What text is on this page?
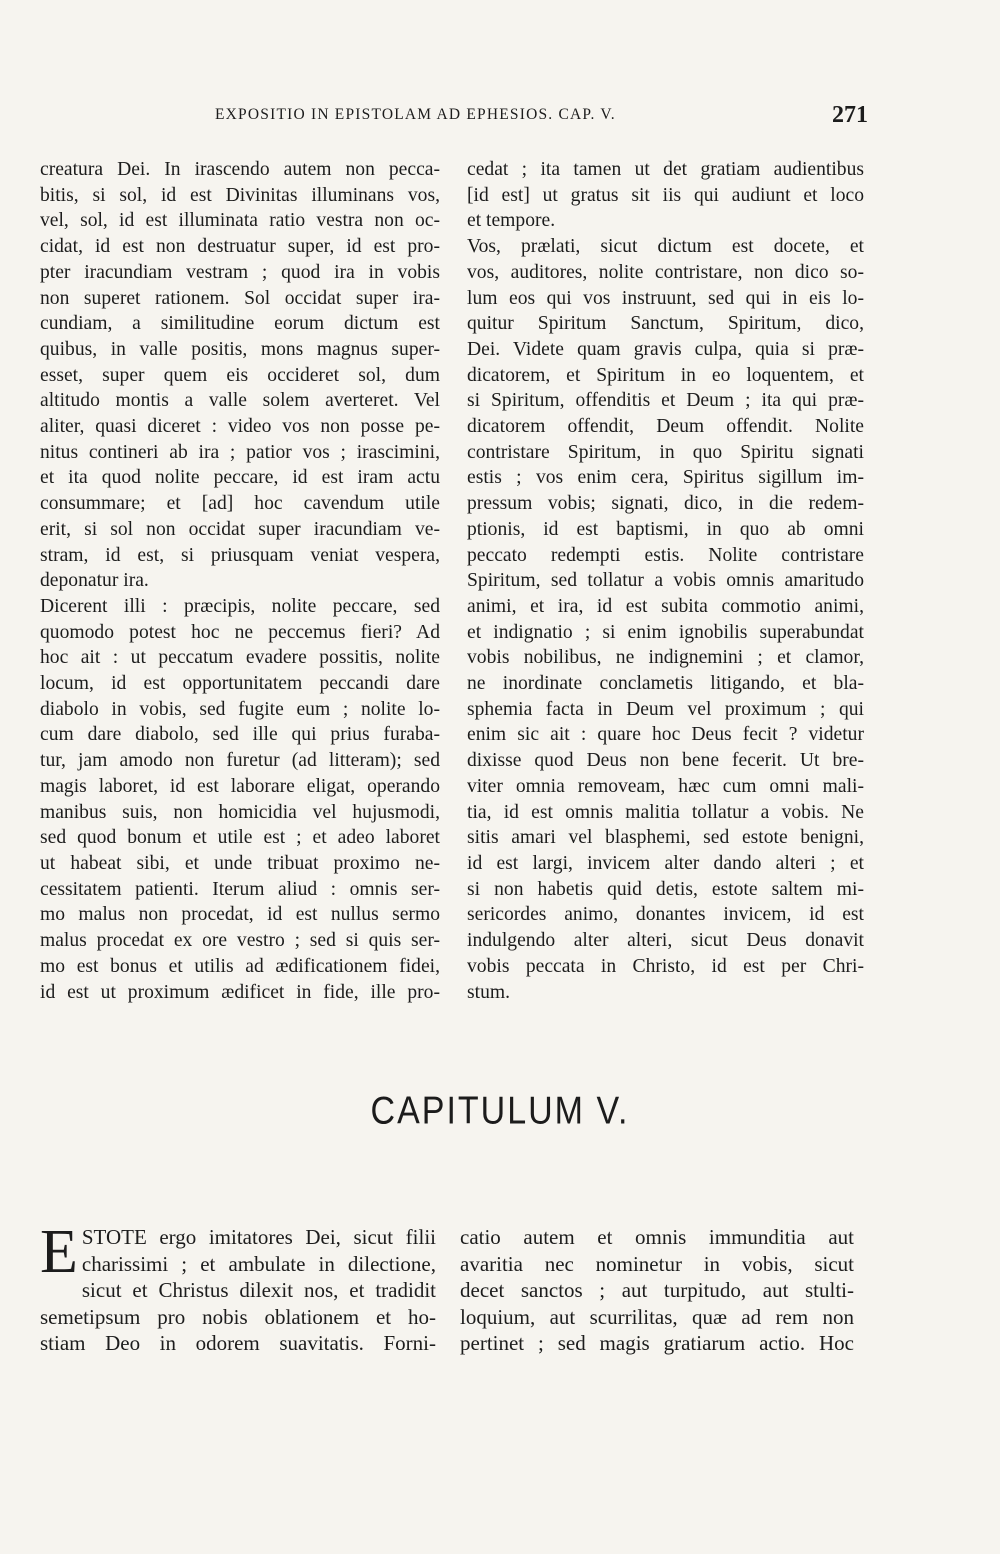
EXPOSITIO IN EPISTOLAM AD EPHESIOS. CAP. V.	271
creatura Dei. In irascendo autem non pecca-
bitis, si sol, id est Divinitas illuminans vos,
vel, sol, id est illuminata ratio vestra non oc-
cidat, id est non destruatur super, id est pro-
pter iracundiam vestram ; quod ira in vobis
non superet rationem. Sol occidat super ira-
cundiam, a similitudine eorum dictum est
quibus, in valle positis, mons magnus super-
esset, super quem eis occideret sol, dum
altitudo montis a valle solem averteret. Vel
aliter, quasi diceret : video vos non posse pe-
nitus contineri ab ira ; patior vos ; irascimini,
et ita quod nolite peccare, id est iram actu
consummare; et [ad] hoc cavendum utile
erit, si sol non occidat super iracundiam ve-
stram, id est, si priusquam veniat vespera,
deponatur ira.
Dicerent illi : præcipis, nolite peccare, sed
quomodo potest hoc ne peccemus fieri? Ad
hoc ait : ut peccatum evadere possitis, nolite
locum, id est opportunitatem peccandi dare
diabolo in vobis, sed fugite eum ; nolite lo-
cum dare diabolo, sed ille qui prius furaba-
tur, jam amodo non furetur (ad litteram); sed
magis laboret, id est laborare eligat, operando
manibus suis, non homicidia vel hujusmodi,
sed quod bonum et utile est ; et adeo laboret
ut habeat sibi, et unde tribuat proximo ne-
cessitatem patienti. Iterum aliud : omnis ser-
mo malus non procedat, id est nullus sermo
malus procedat ex ore vestro ; sed si quis ser-
mo est bonus et utilis ad ædificationem fidei,
id est ut proximum ædificet in fide, ille pro-
cedat ; ita tamen ut det gratiam audientibus
[id est] ut gratus sit iis qui audiunt et loco
et tempore.
Vos, prælati, sicut dictum est docete, et
vos, auditores, nolite contristare, non dico so-
lum eos qui vos instruunt, sed qui in eis lo-
quitur Spiritum Sanctum, Spiritum, dico,
Dei. Videte quam gravis culpa, quia si præ-
dicatorem, et Spiritum in eo loquentem, et
si Spiritum, offenditis et Deum ; ita qui præ-
dicatorem offendit, Deum offendit. Nolite
contristare Spiritum, in quo Spiritu signati
estis ; vos enim cera, Spiritus sigillum im-
pressum vobis; signati, dico, in die redem-
ptionis, id est baptismi, in quo ab omni
peccato redempti estis. Nolite contristare
Spiritum, sed tollatur a vobis omnis amaritudo
animi, et ira, id est subita commotio animi,
et indignatio ; si enim ignobilis superabundat
vobis nobilibus, ne indignemini ; et clamor,
ne inordinate conclametis litigando, et bla-
sphemia facta in Deum vel proximum ; qui
enim sic ait : quare hoc Deus fecit ? videtur
dixisse quod Deus non bene fecerit. Ut bre-
viter omnia removeam, hæc cum omni mali-
tia, id est omnis malitia tollatur a vobis. Ne
sitis amari vel blasphemi, sed estote benigni,
id est largi, invicem alter dando alteri ; et
si non habetis quid detis, estote saltem mi-
sericordes animo, donantes invicem, id est
indulgendo alter alteri, sicut Deus donavit
vobis peccata in Christo, id est per Chri-
stum.
CAPITULUM V.
E STOTE ergo imitatores Dei, sicut filii
charissimi ; et ambulate in dilectione,
sicut et Christus dilexit nos, et tradidit
semetipsum pro nobis oblationem et ho-
stiam Deo in odorem suavitatis. Forni-
catio autem et omnis immunditia aut
avaritia nec nominetur in vobis, sicut
decet sanctos ; aut turpitudo, aut stulti-
loquium, aut scurrilitas, quæ ad rem non
pertinet ; sed magis gratiarum actio. Hoc
